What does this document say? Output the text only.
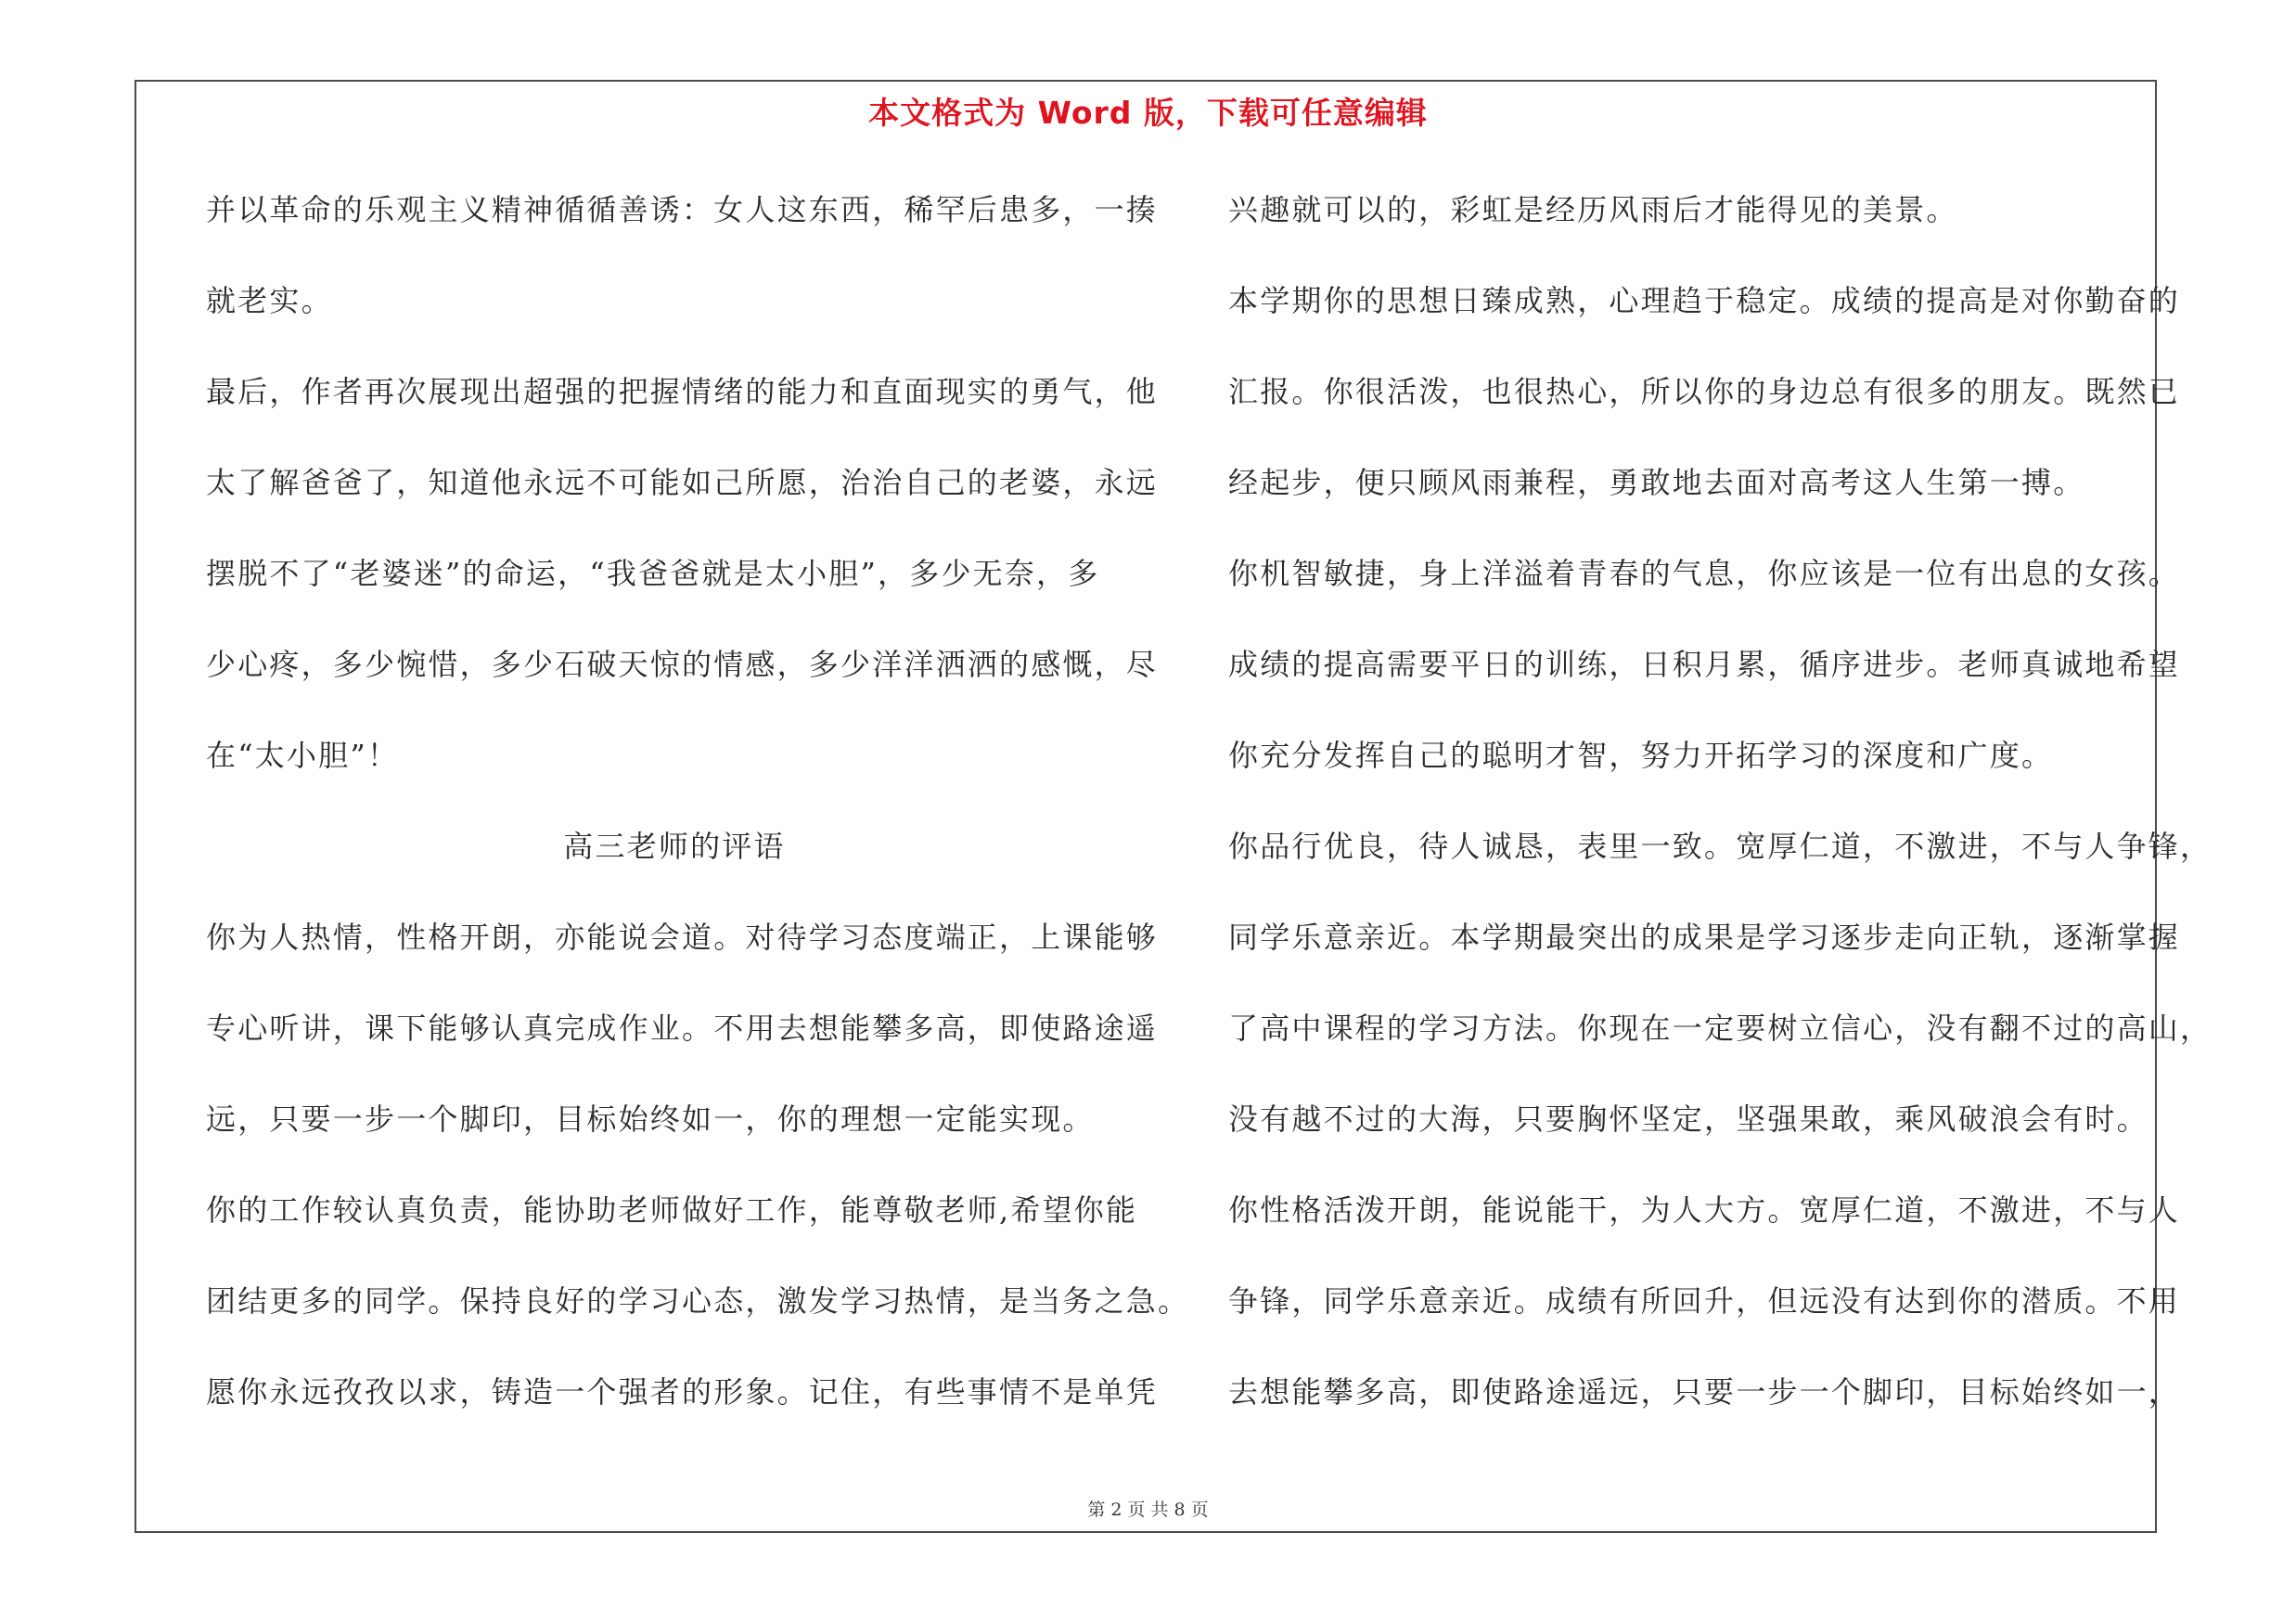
本文格式为 Word 版，下载可任意编辑
并以革命的乐观主义精神循循善诱：女人这东西，稀罕后患多，一揍
就老实。
最后，作者再次展现出超强的把握情绪的能力和直面现实的勇气，他
太了解爸爸了，知道他永远不可能如己所愿，治治自己的老婆，永远
摆脱不了“老婆迷”的命运，“我爸爸就是太小胆”，多少无奈，多
少心疼，多少惋惜，多少石破天惊的情感，多少洋洋洒洒的感慨，尽
在“太小胆”！
高三老师的评语
你为人热情，性格开朗，亦能说会道。对待学习态度端正，上课能够
专心听讲，课下能够认真完成作业。不用去想能攀多高，即使路途遥
远，只要一步一个脚印，目标始终如一，你的理想一定能实现。
你的工作较认真负责，能协助老师做好工作，能尊敬老师,希望你能
团结更多的同学。保持良好的学习心态，激发学习热情，是当务之急。
愿你永远孜孜以求，铸造一个强者的形象。记住，有些事情不是单凭
兴趣就可以的，彩虹是经历风雨后才能得见的美景。
本学期你的思想日臻成熟，心理趋于稳定。成绩的提高是对你勤奋的
汇报。你很活泼，也很热心，所以你的身边总有很多的朋友。既然已
经起步，便只顾风雨兼程，勇敢地去面对高考这人生第一搏。
你机智敏捷，身上洋溢着青春的气息，你应该是一位有出息的女孩。
成绩的提高需要平日的训练，日积月累，循序进步。老师真诚地希望
你充分发挥自己的聪明才智，努力开拓学习的深度和广度。
你品行优良，待人诚恳，表里一致。宽厚仁道，不激进，不与人争锋，
同学乐意亲近。本学期最突出的成果是学习逐步走向正轨，逐渐掌握
了高中课程的学习方法。你现在一定要树立信心，没有翻不过的高山，
没有越不过的大海，只要胸怀坚定，坚强果敢，乘风破浪会有时。
你性格活泼开朗，能说能干，为人大方。宽厚仁道，不激进，不与人
争锋，同学乐意亲近。成绩有所回升，但远没有达到你的潜质。不用
去想能攀多高，即使路途遥远，只要一步一个脚印，目标始终如一，
第 2 页 共 8 页
